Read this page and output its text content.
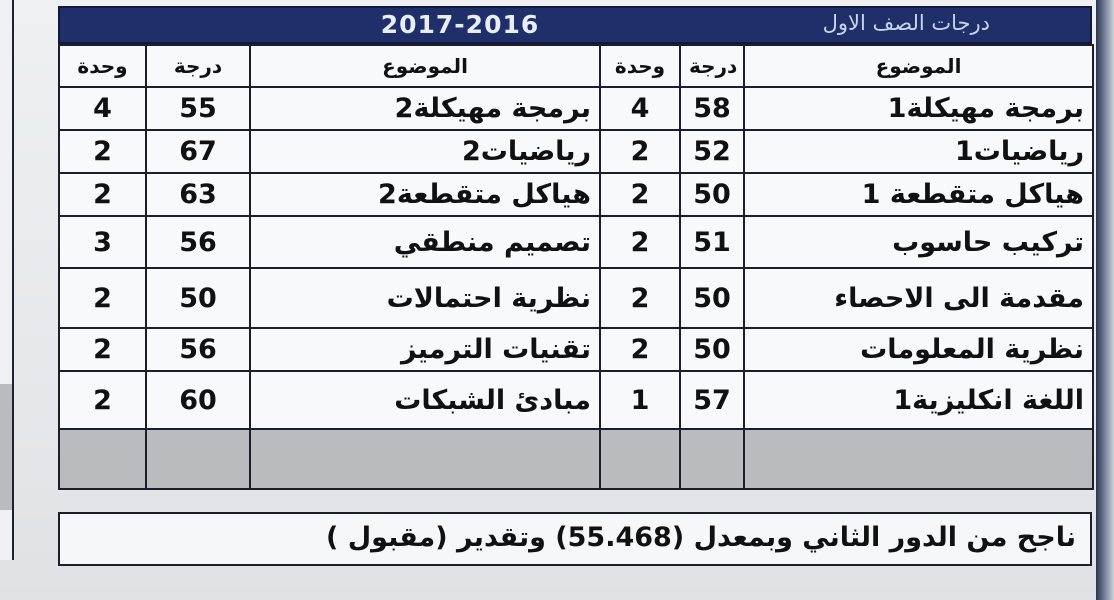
2017-2016	درجات الصف الاول
وحدة	درجة	الموضوع	وحدة	درجة	الموضوع
4	55	برمجة مهيكلة2	4	58	برمجة مهيكلة1
2	67	رياضيات2	2	52	رياضيات1
2	63	هياكل متقطعة2	2	50	هياكل متقطعة 1
3	56	تصميم منطقي	2	51	تركيب حاسوب
2	50	نظرية احتمالات	2	50	مقدمة الى الاحصاء
2	56	تقنيات الترميز	2	50	نظرية المعلومات
2	60	مبادئ الشبكات	1	57	اللغة انكليزية1

ناجح من الدور الثاني وبمعدل (55.468) وتقدير (مقبول )
